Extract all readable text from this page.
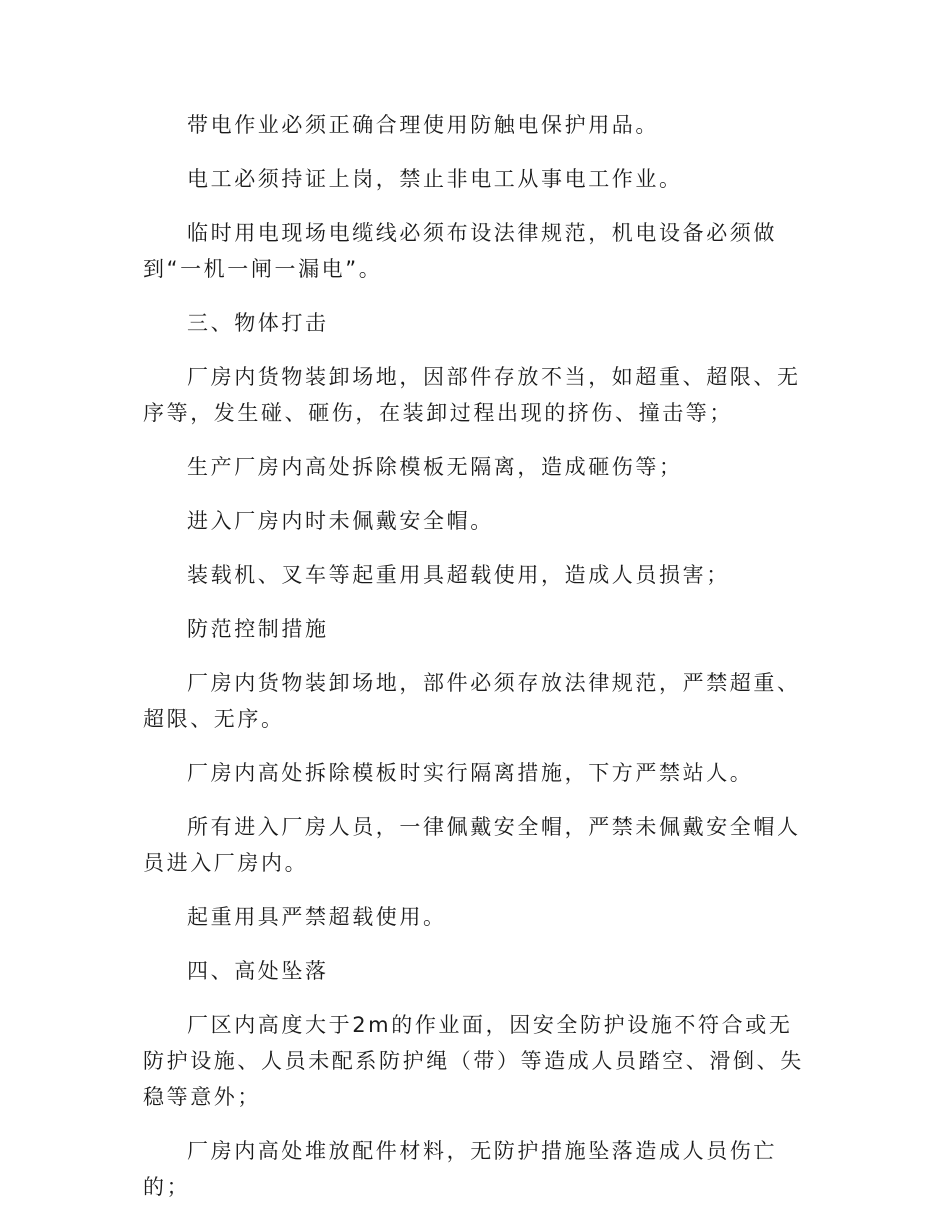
带电作业必须正确合理使用防触电保护用品。

电工必须持证上岗，禁止非电工从事电工作业。

临时用电现场电缆线必须布设法律规范，机电设备必须做到“一机一闸一漏电”。

三、物体打击

厂房内货物装卸场地，因部件存放不当，如超重、超限、无序等，发生碰、砸伤，在装卸过程出现的挤伤、撞击等；

生产厂房内高处拆除模板无隔离，造成砸伤等；

进入厂房内时未佩戴安全帽。

装载机、叉车等起重用具超载使用，造成人员损害；

防范控制措施

厂房内货物装卸场地，部件必须存放法律规范，严禁超重、超限、无序。

厂房内高处拆除模板时实行隔离措施，下方严禁站人。

所有进入厂房人员，一律佩戴安全帽，严禁未佩戴安全帽人员进入厂房内。

起重用具严禁超载使用。

四、高处坠落

厂区内高度大于2m的作业面，因安全防护设施不符合或无防护设施、人员未配系防护绳（带）等造成人员踏空、滑倒、失稳等意外；

厂房内高处堆放配件材料，无防护措施坠落造成人员伤亡的；
